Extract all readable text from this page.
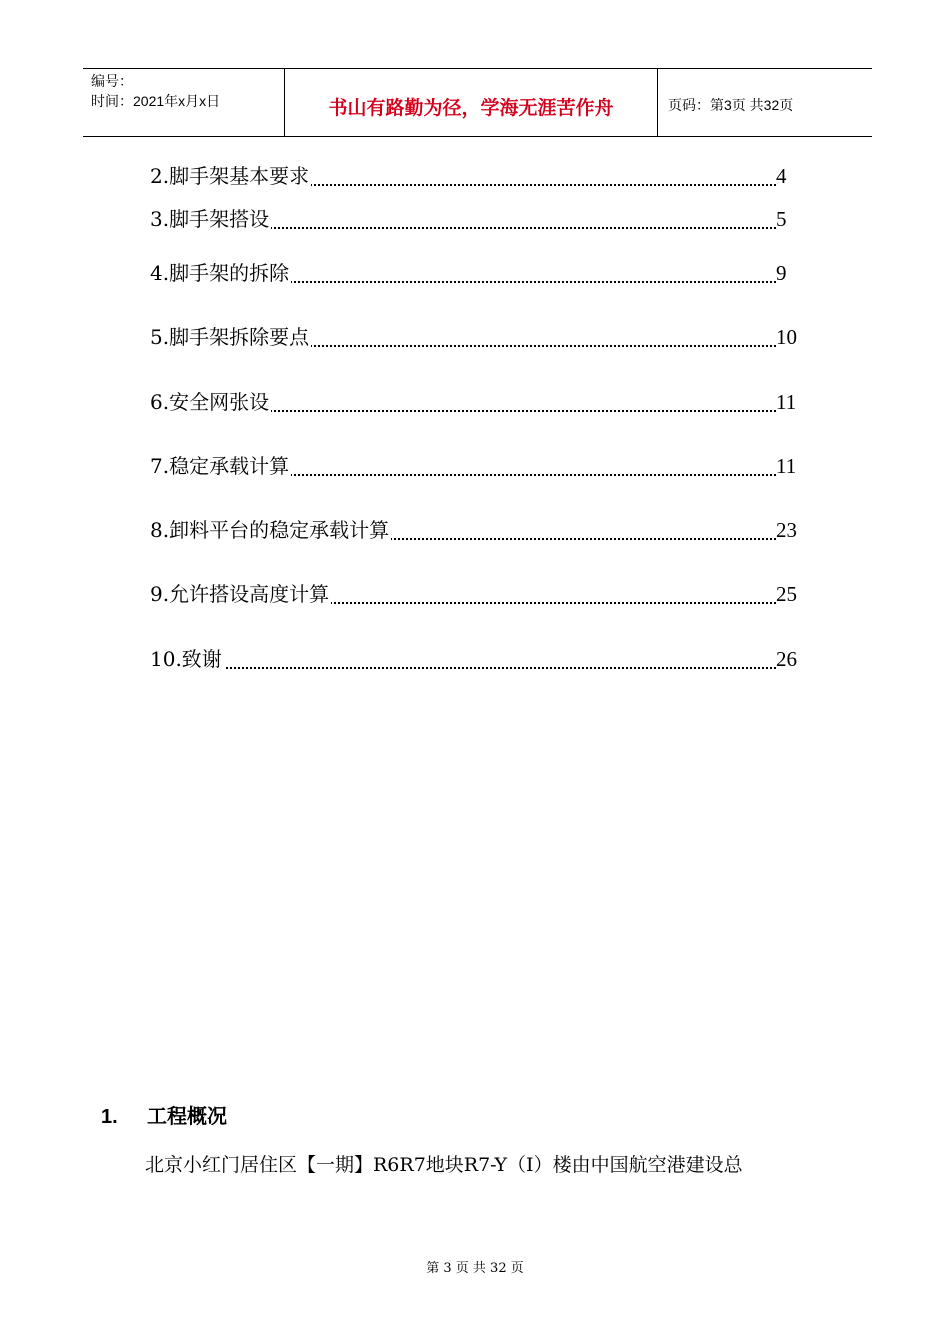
编号：
时间：2021年x月x日	书山有路勤为径，学海无涯苦作舟	页码：第3页 共32页
2.脚手架基本要求	4
3.脚手架搭设	5
4.脚手架的拆除	9
5.脚手架拆除要点	10
6.安全网张设	11
7.稳定承载计算	11
8.卸料平台的稳定承载计算	23
9.允许搭设高度计算	25
10.致谢	26
1. 工程概况
北京小红门居住区【一期】R6R7地块R7-Y（Ⅰ）楼由中国航空港建设总
第 3 页 共 32 页
